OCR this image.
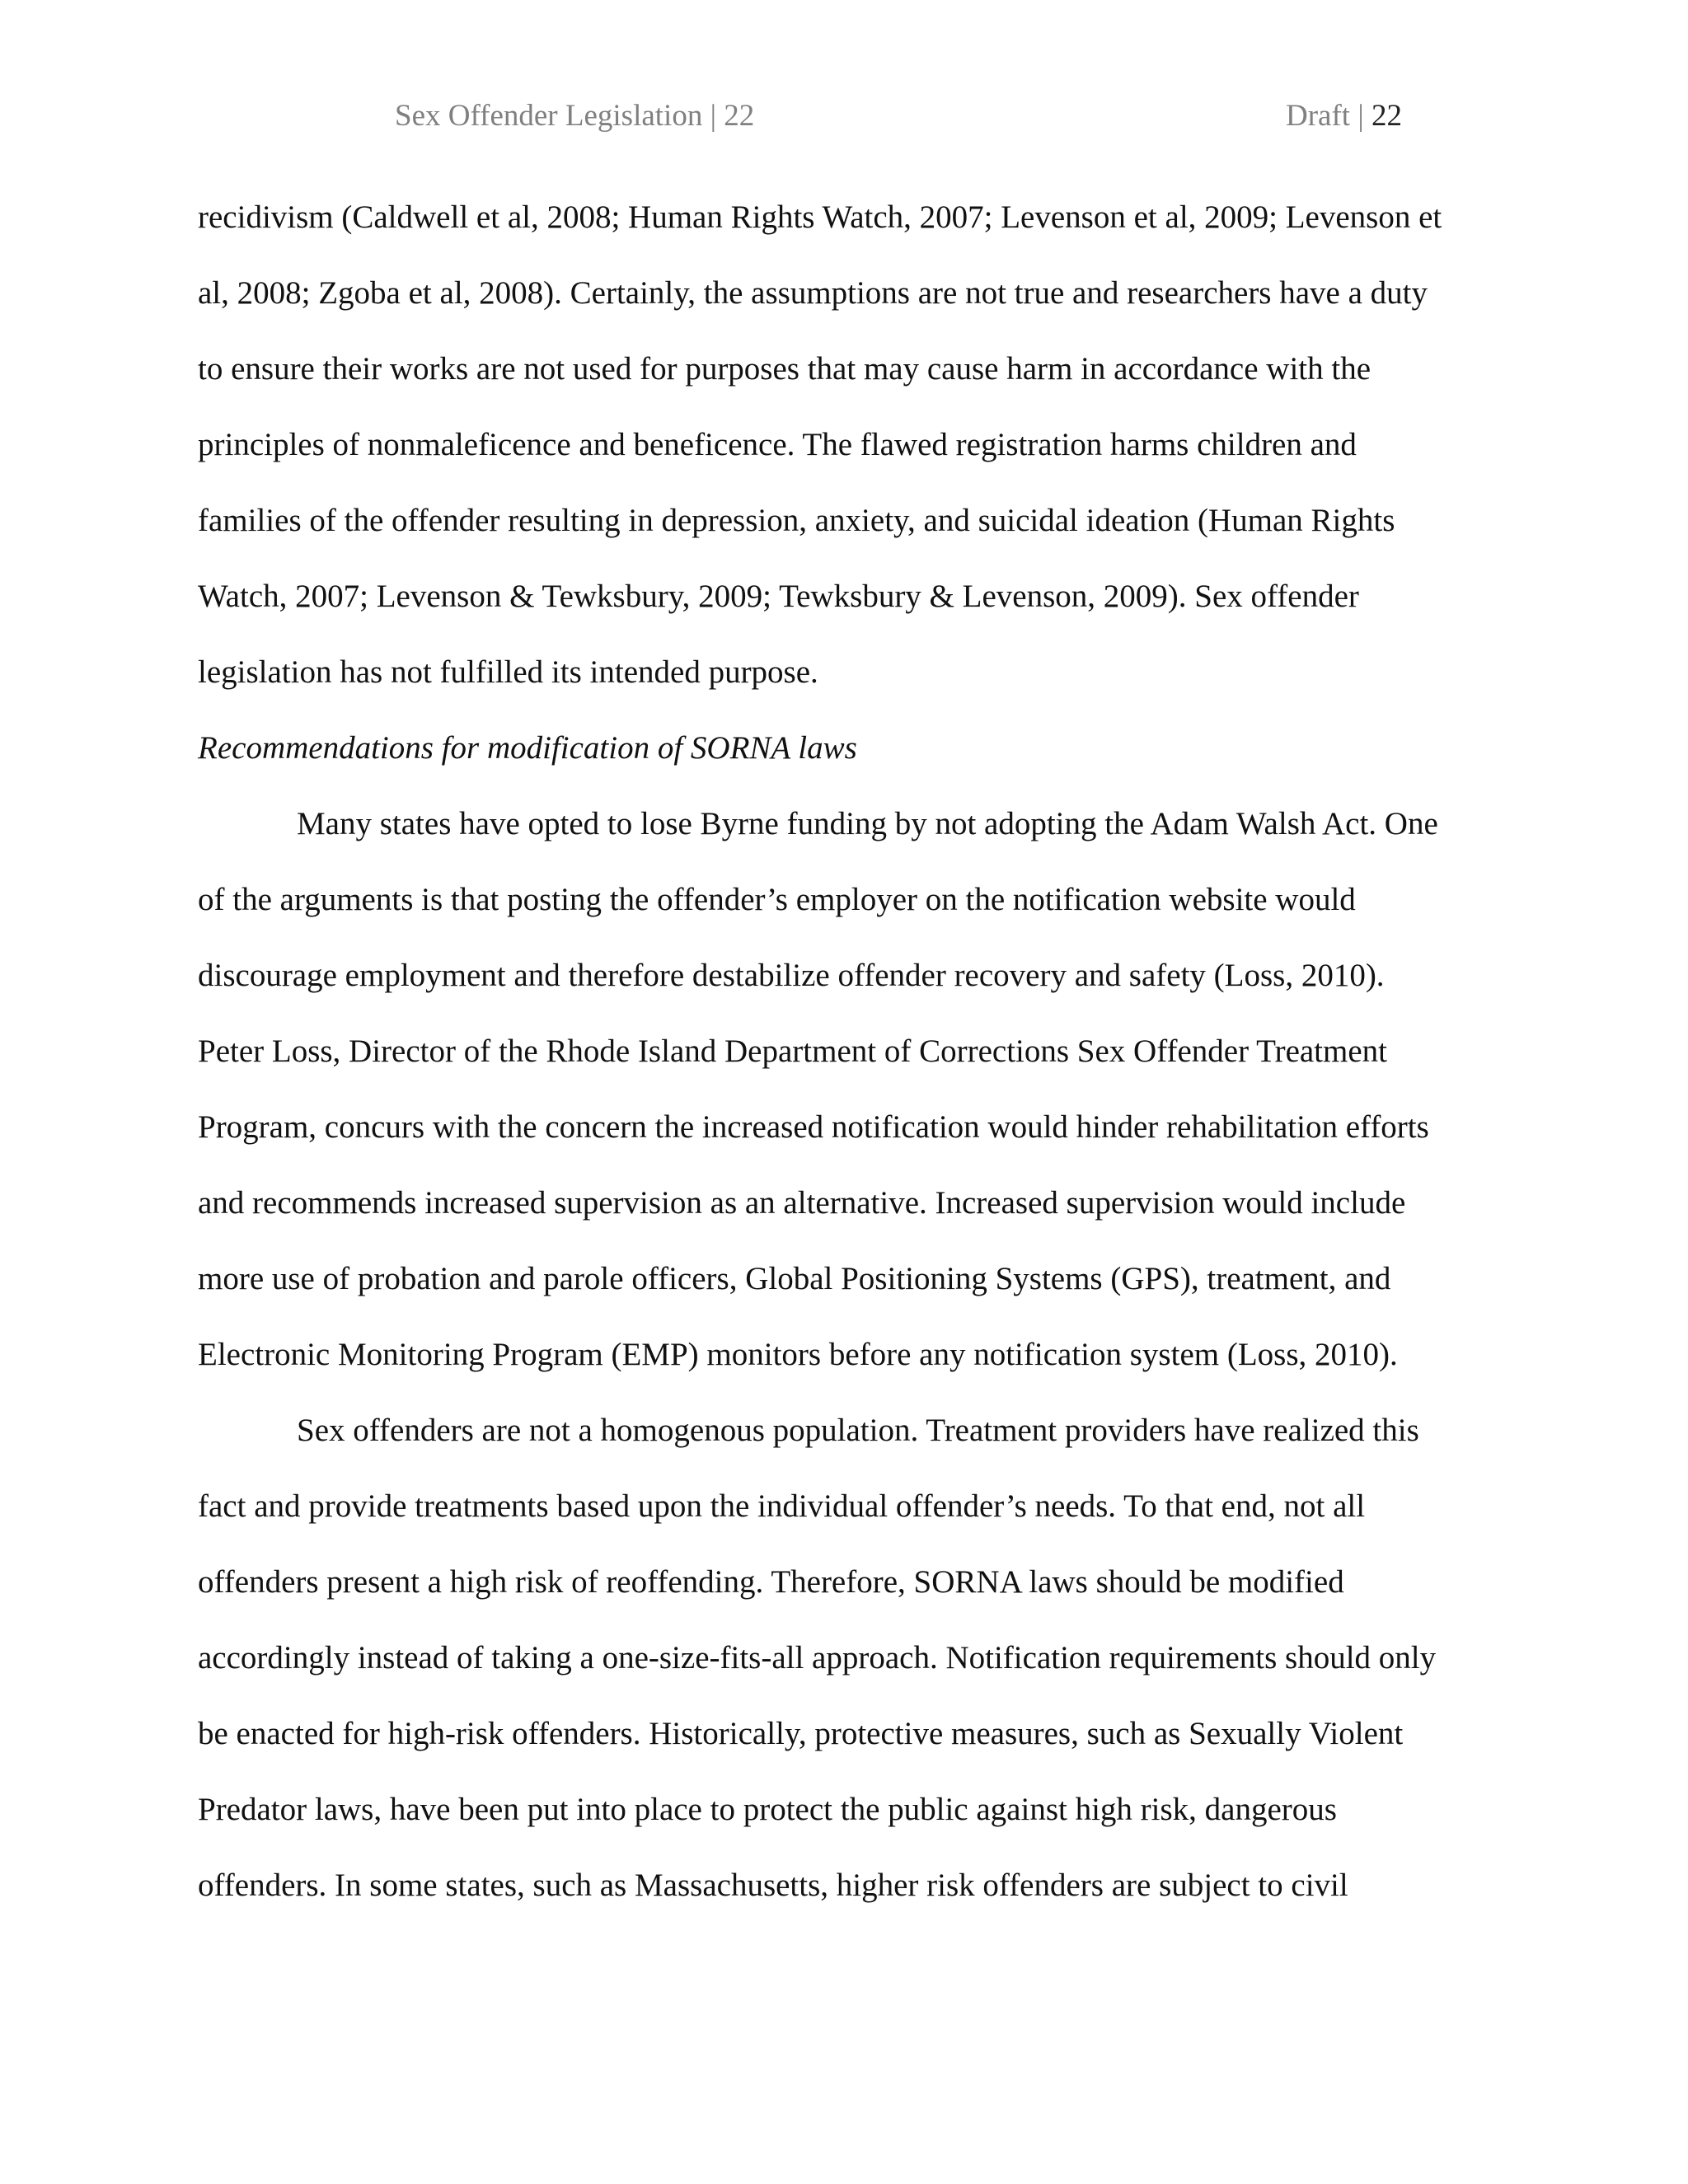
Sex Offender Legislation | 22	Draft | 22
recidivism (Caldwell et al, 2008; Human Rights Watch, 2007; Levenson et al, 2009; Levenson et
al, 2008; Zgoba et al, 2008). Certainly, the assumptions are not true and researchers have a duty
to ensure their works are not used for purposes that may cause harm in accordance with the
principles of nonmaleficence and beneficence. The flawed registration harms children and
families of the offender resulting in depression, anxiety, and suicidal ideation (Human Rights
Watch, 2007; Levenson & Tewksbury, 2009; Tewksbury & Levenson, 2009). Sex offender
legislation has not fulfilled its intended purpose.
Recommendations for modification of SORNA laws
Many states have opted to lose Byrne funding by not adopting the Adam Walsh Act. One
of the arguments is that posting the offender’s employer on the notification website would
discourage employment and therefore destabilize offender recovery and safety (Loss, 2010).
Peter Loss, Director of the Rhode Island Department of Corrections Sex Offender Treatment
Program, concurs with the concern the increased notification would hinder rehabilitation efforts
and recommends increased supervision as an alternative. Increased supervision would include
more use of probation and parole officers, Global Positioning Systems (GPS), treatment, and
Electronic Monitoring Program (EMP) monitors before any notification system (Loss, 2010).
Sex offenders are not a homogenous population. Treatment providers have realized this
fact and provide treatments based upon the individual offender’s needs. To that end, not all
offenders present a high risk of reoffending. Therefore, SORNA laws should be modified
accordingly instead of taking a one-size-fits-all approach. Notification requirements should only
be enacted for high-risk offenders. Historically, protective measures, such as Sexually Violent
Predator laws, have been put into place to protect the public against high risk, dangerous
offenders. In some states, such as Massachusetts, higher risk offenders are subject to civil
